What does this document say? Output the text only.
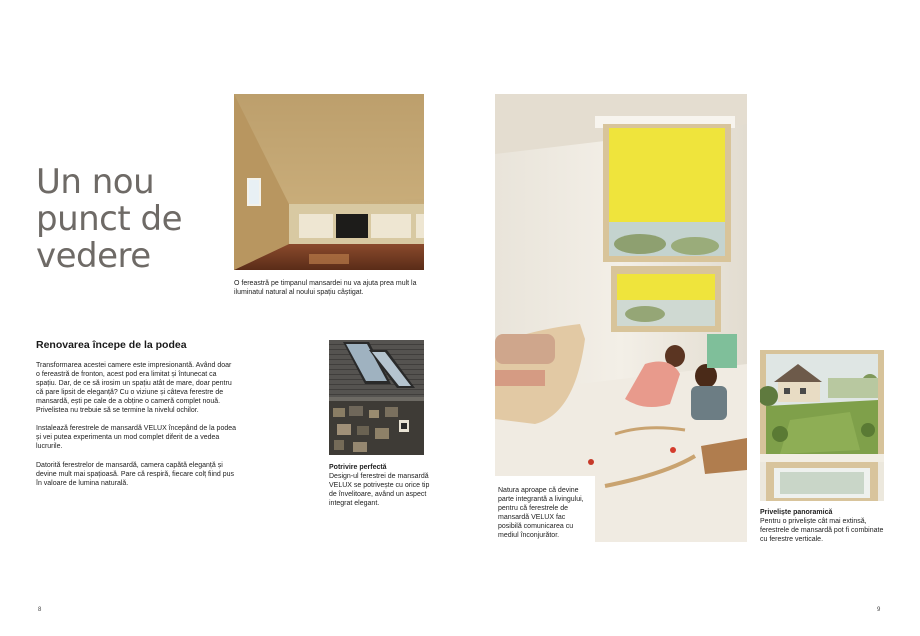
Un nou
punct de
vedere
O fereastră pe timpanul mansardei nu va ajuta prea mult la
iluminatul natural al noului spațiu câștigat.
Renovarea începe de la podea
Transformarea acestei camere este impresionantă. Având doar
o fereastră de fronton, acest pod era limitat și întunecat ca
spațiu. Dar, de ce să irosim un spațiu atât de mare, doar pentru
că pare lipsit de eleganță? Cu o viziune și câteva ferestre de
mansardă, ești pe cale de a obține o cameră complet nouă.
Privelistea nu trebuie să se termine la nivelul ochilor.
Instalează ferestrele de mansardă VELUX începând de la podea
și vei putea experimenta un mod complet diferit de a vedea
lucrurile.
Datorită ferestrelor de mansardă, camera capătă eleganță și
devine mult mai spațioasă. Pare că respiră, fiecare colț fiind pus
în valoare de lumina naturală.
Potrivire perfectă
Design-ul ferestrei de mansardă
VELUX se potrivește cu orice tip
de învelitoare, având un aspect
integrat elegant.
8
Natura aproape că devine
parte integrantă a livingului,
pentru că ferestrele de
mansardă VELUX fac
posibilă comunicarea cu
mediul înconjurător.
Priveliște panoramică
Pentru o priveliște cât mai extinsă,
ferestrele de mansardă pot fi combinate
cu ferestre verticale.
9
